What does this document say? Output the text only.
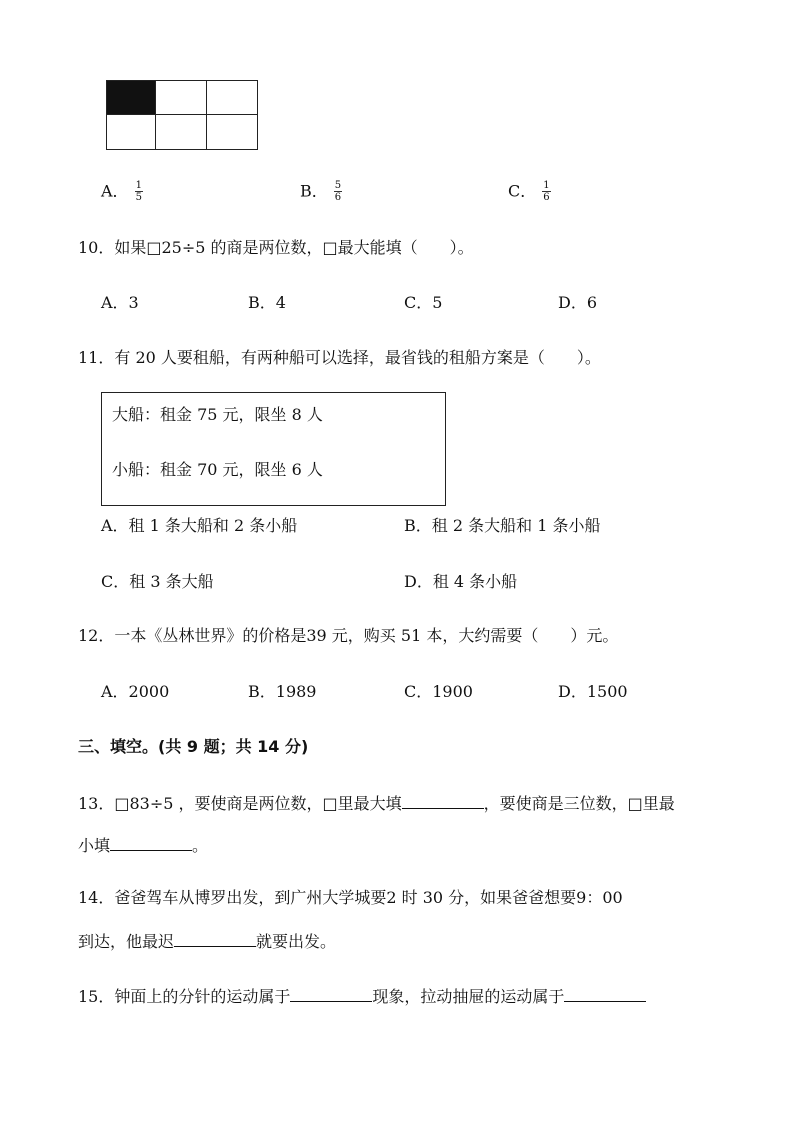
A． $\frac{1}{5}$	B． $\frac{5}{6}$	C． $\frac{1}{6}$
10．如果□25÷5 的商是两位数，□最大能填（　　）。
A．3	B．4	C．5	D．6
11．有 20 人要租船，有两种船可以选择，最省钱的租船方案是（　　）。
大船：租金 75 元，限坐 8 人
小船：租金 70 元，限坐 6 人
A．租 1 条大船和 2 条小船	B．租 2 条大船和 1 条小船
C．租 3 条大船	D．租 4 条小船
12．一本《丛林世界》的价格是39 元，购买 51 本，大约需要（　　）元。
A．2000	B．1989	C．1900	D．1500
三、填空。(共 9 题；共 14 分)
13．□83÷5 ，要使商是两位数，□里最大填	，要使商是三位数，□里最
小填	。
14．爸爸驾车从博罗出发，到广州大学城要2 时 30 分，如果爸爸想要9：00
到达，他最迟	就要出发。
15．钟面上的分针的运动属于	现象，拉动抽屉的运动属于
